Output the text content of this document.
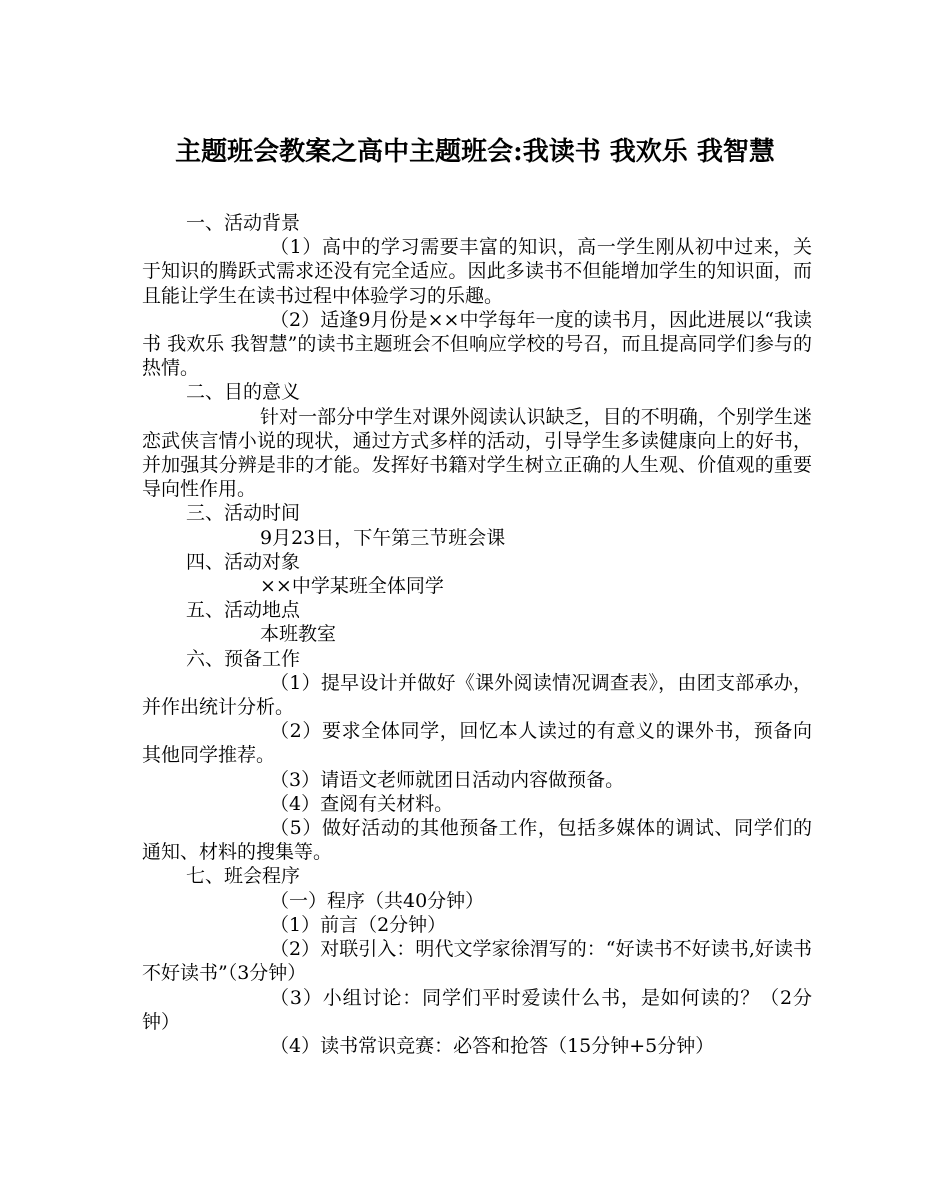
主题班会教案之高中主题班会:我读书 我欢乐 我智慧

一、活动背景

（1）高中的学习需要丰富的知识，高一学生刚从初中过来，关于知识的腾跃式需求还没有完全适应。因此多读书不但能增加学生的知识面，而且能让学生在读书过程中体验学习的乐趣。

（2）适逢9月份是××中学每年一度的读书月，因此进展以“我读书 我欢乐 我智慧”的读书主题班会不但响应学校的号召，而且提高同学们参与的热情。

二、目的意义

针对一部分中学生对课外阅读认识缺乏，目的不明确，个别学生迷恋武侠言情小说的现状，通过方式多样的活动，引导学生多读健康向上的好书，并加强其分辨是非的才能。发挥好书籍对学生树立正确的人生观、价值观的重要导向性作用。

三、活动时间

9月23日，下午第三节班会课

四、活动对象

××中学某班全体同学

五、活动地点

本班教室

六、预备工作

（1）提早设计并做好《课外阅读情况调查表》，由团支部承办，并作出统计分析。

（2）要求全体同学，回忆本人读过的有意义的课外书，预备向其他同学推荐。

（3）请语文老师就团日活动内容做预备。

（4）查阅有关材料。

（5）做好活动的其他预备工作，包括多媒体的调试、同学们的通知、材料的搜集等。

七、班会程序

（一）程序（共40分钟）

（1）前言（2分钟）

（2）对联引入：明代文学家徐渭写的：“好读书不好读书,好读书不好读书”（3分钟）

（3）小组讨论：同学们平时爱读什么书，是如何读的？（2分钟）

（4）读书常识竞赛：必答和抢答（15分钟+5分钟）
